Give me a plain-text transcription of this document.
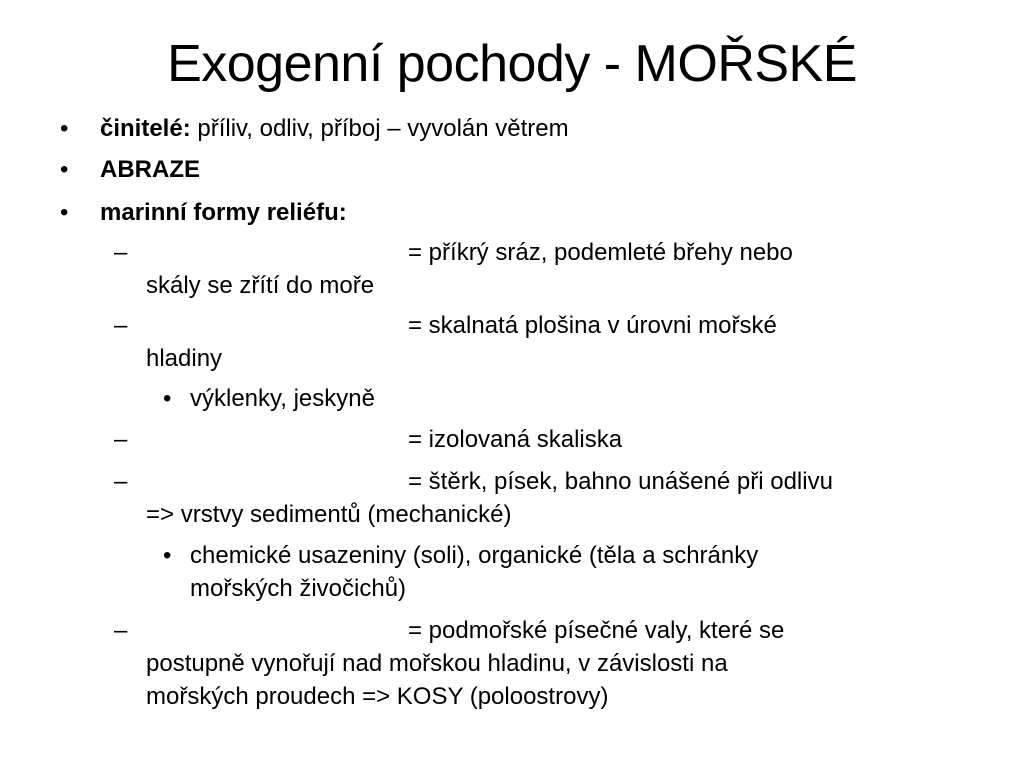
Exogenní pochody - MOŘSKÉ
• činitelé: příliv, odliv, příboj – vyvolán větrem
• ABRAZE
• marinní formy reliéfu:
–	= příkrý sráz, podemleté břehy nebo
skály se zřítí do moře
–	= skalnatá plošina v úrovni mořské
hladiny
• výklenky, jeskyně
–	= izolovaná skaliska
–	= štěrk, písek, bahno unášené při odlivu
=> vrstvy sedimentů (mechanické)
• chemické usazeniny (soli), organické (těla a schránky
mořských živočichů)
–	= podmořské písečné valy, které se
postupně vynořují nad mořskou hladinu, v závislosti na
mořských proudech => KOSY (poloostrovy)
